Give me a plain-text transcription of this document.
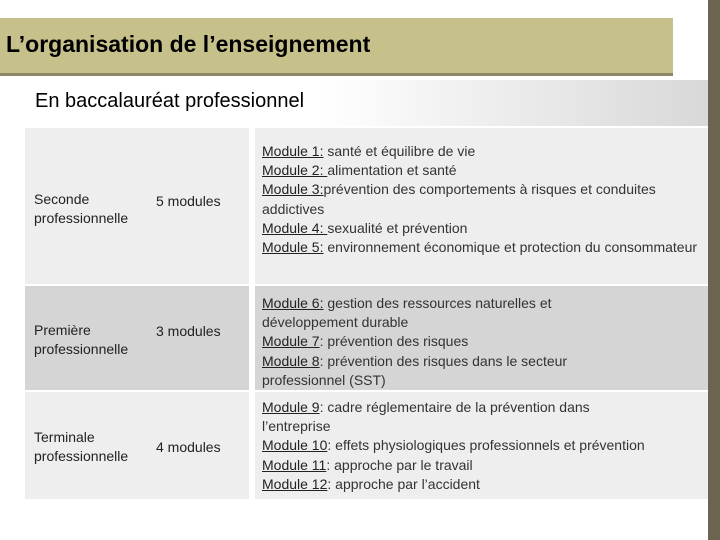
L’organisation de l’enseignement
En baccalauréat professionnel
Seconde professionnelle
5 modules
Module 1: santé et équilibre de vie
Module 2: alimentation et santé
Module 3:prévention des comportements à risques et conduites addictives
Module 4: sexualité et prévention
Module 5: environnement économique et protection du consommateur
Première professionnelle
3 modules
Module 6: gestion des ressources naturelles et développement durable
Module 7: prévention des risques
Module 8: prévention des risques dans le secteur professionnel (SST)
Terminale professionnelle
4 modules
Module 9: cadre réglementaire de la prévention dans l’entreprise
Module 10: effets physiologiques professionnels et prévention
Module 11: approche par le travail
Module 12: approche par l’accident
